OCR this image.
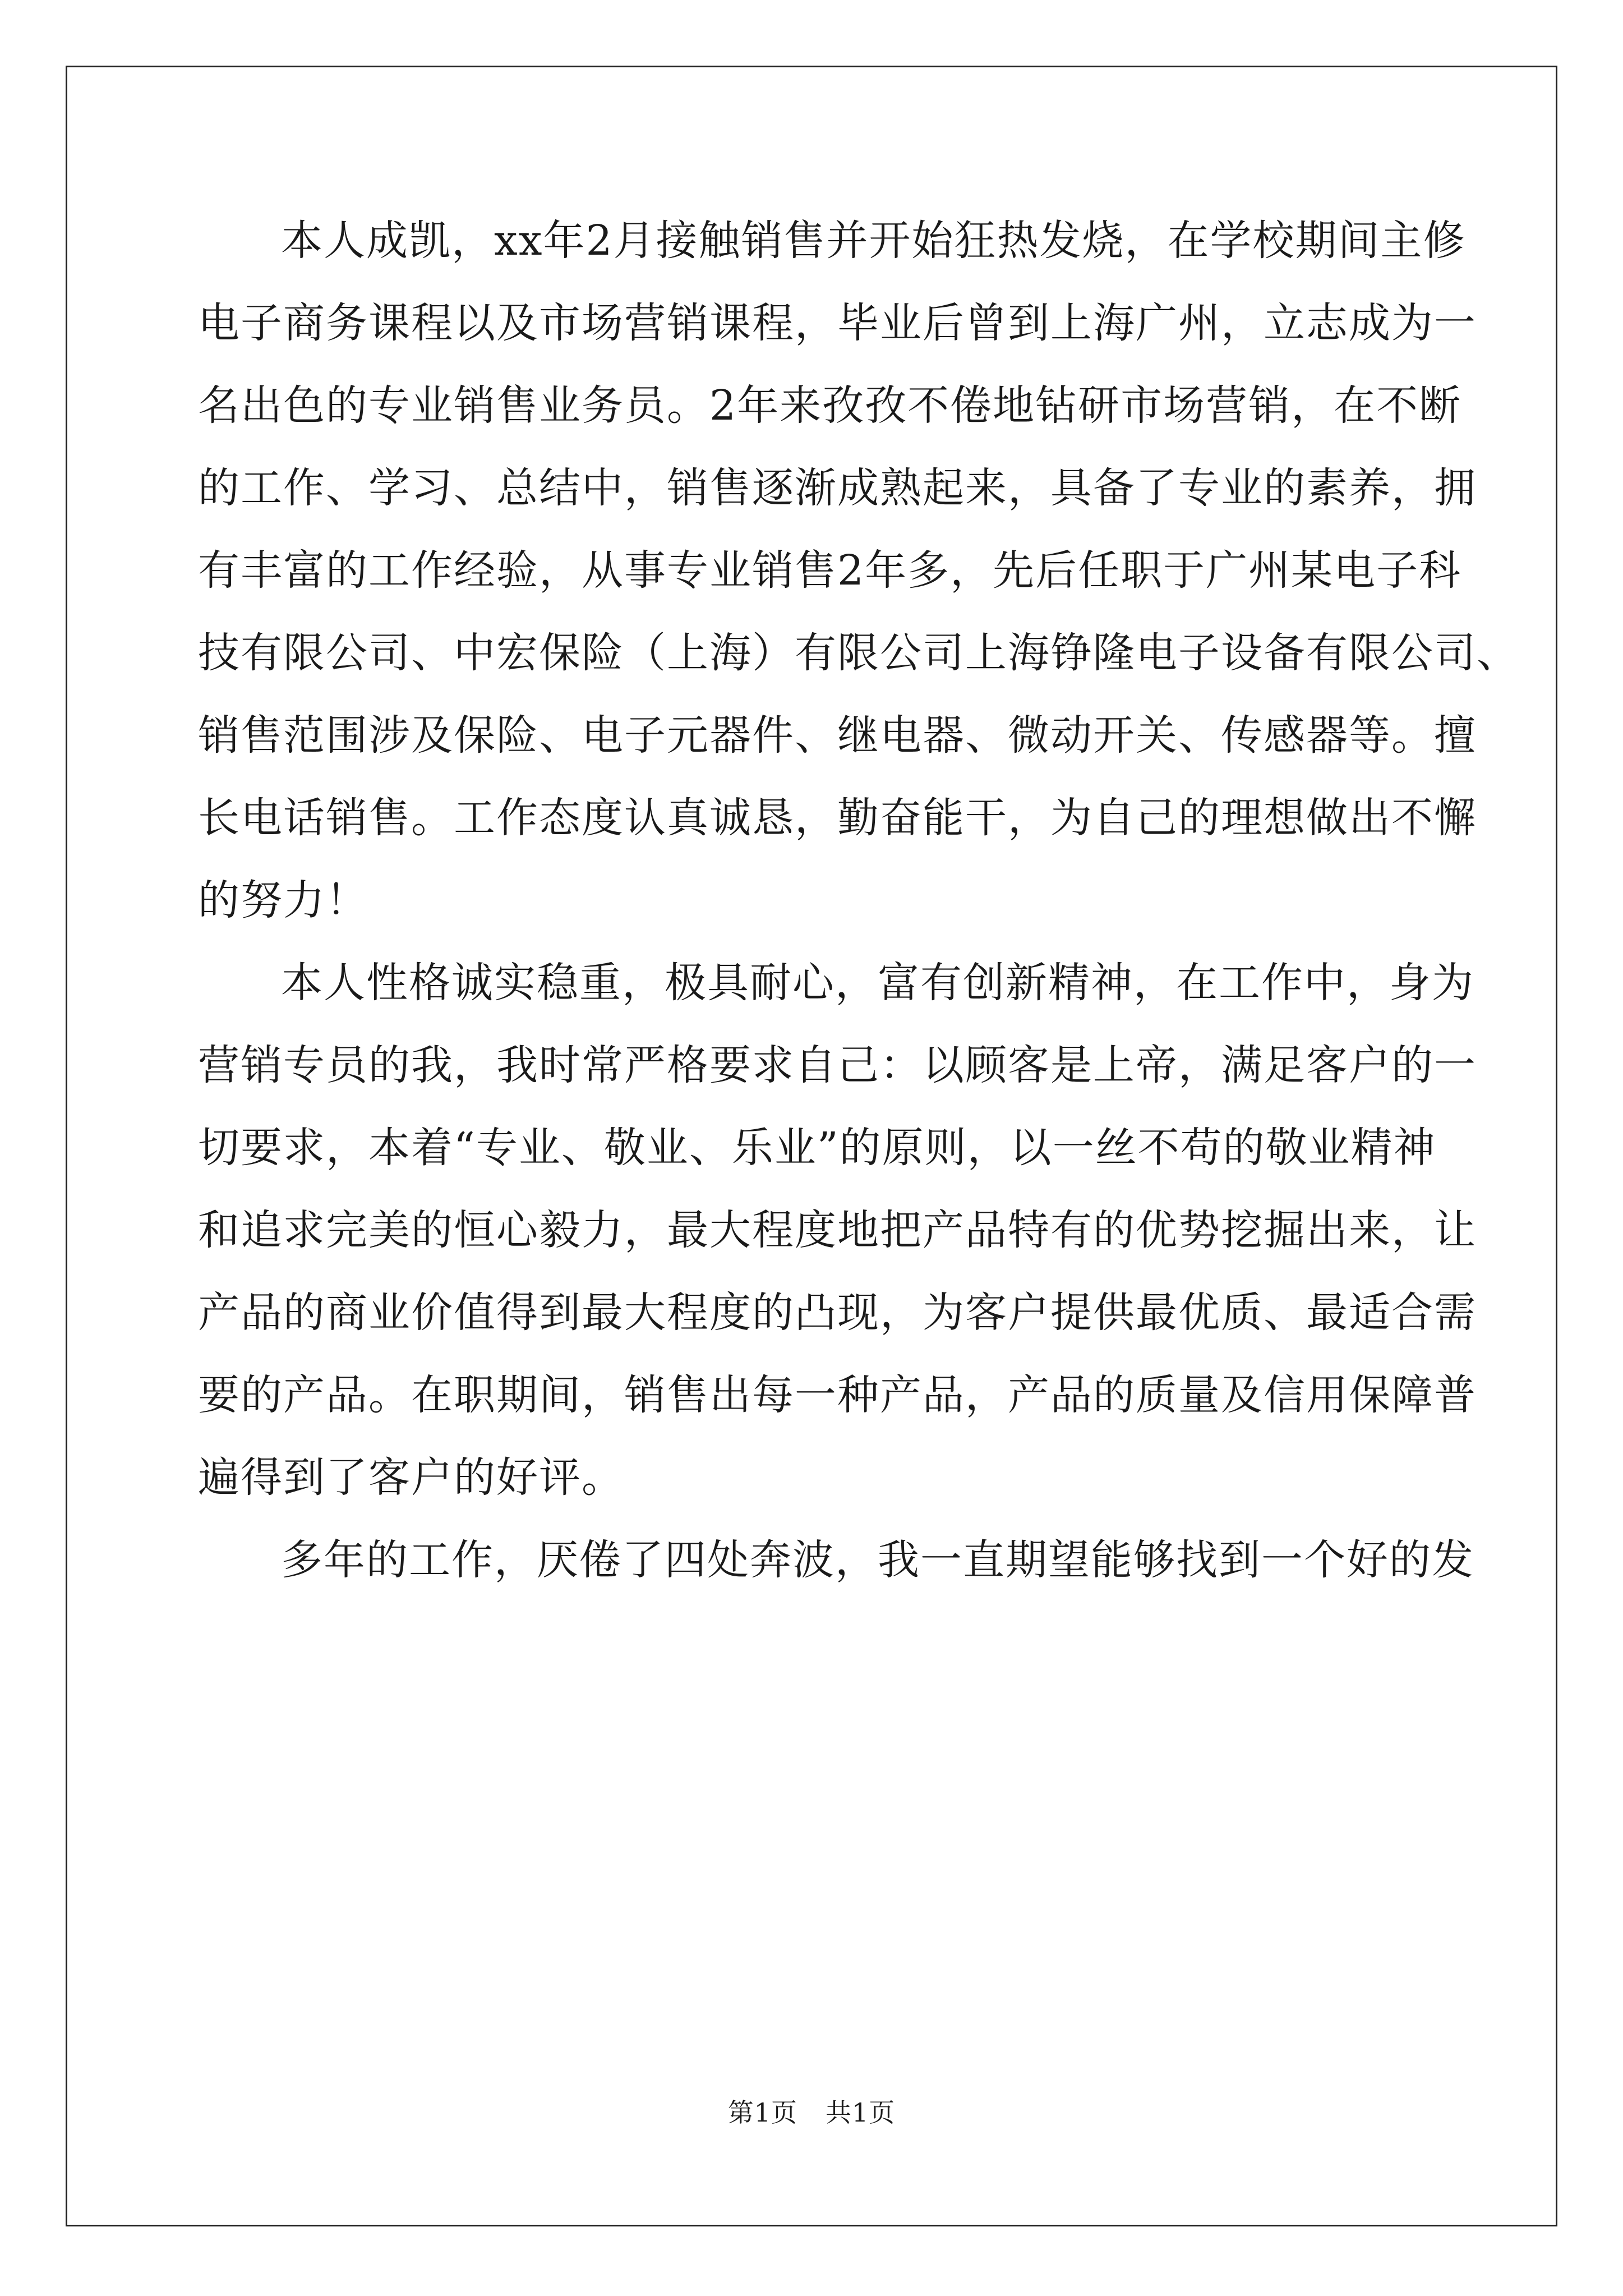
本人成凯，xx年2月接触销售并开始狂热发烧，在学校期间主修
电子商务课程以及市场营销课程，毕业后曾到上海广州，立志成为一
名出色的专业销售业务员。2年来孜孜不倦地钻研市场营销，在不断
的工作、学习、总结中，销售逐渐成熟起来，具备了专业的素养，拥
有丰富的工作经验，从事专业销售2年多，先后任职于广州某电子科
技有限公司、中宏保险（上海）有限公司上海铮隆电子设备有限公司、
销售范围涉及保险、电子元器件、继电器、微动开关、传感器等。擅
长电话销售。工作态度认真诚恳，勤奋能干，为自己的理想做出不懈
的努力！
本人性格诚实稳重，极具耐心，富有创新精神，在工作中，身为
营销专员的我，我时常严格要求自己：以顾客是上帝，满足客户的一
切要求，本着“专业、敬业、乐业”的原则，以一丝不苟的敬业精神
和追求完美的恒心毅力，最大程度地把产品特有的优势挖掘出来，让
产品的商业价值得到最大程度的凸现，为客户提供最优质、最适合需
要的产品。在职期间，销售出每一种产品，产品的质量及信用保障普
遍得到了客户的好评。
多年的工作，厌倦了四处奔波，我一直期望能够找到一个好的发
第1页 共1页
